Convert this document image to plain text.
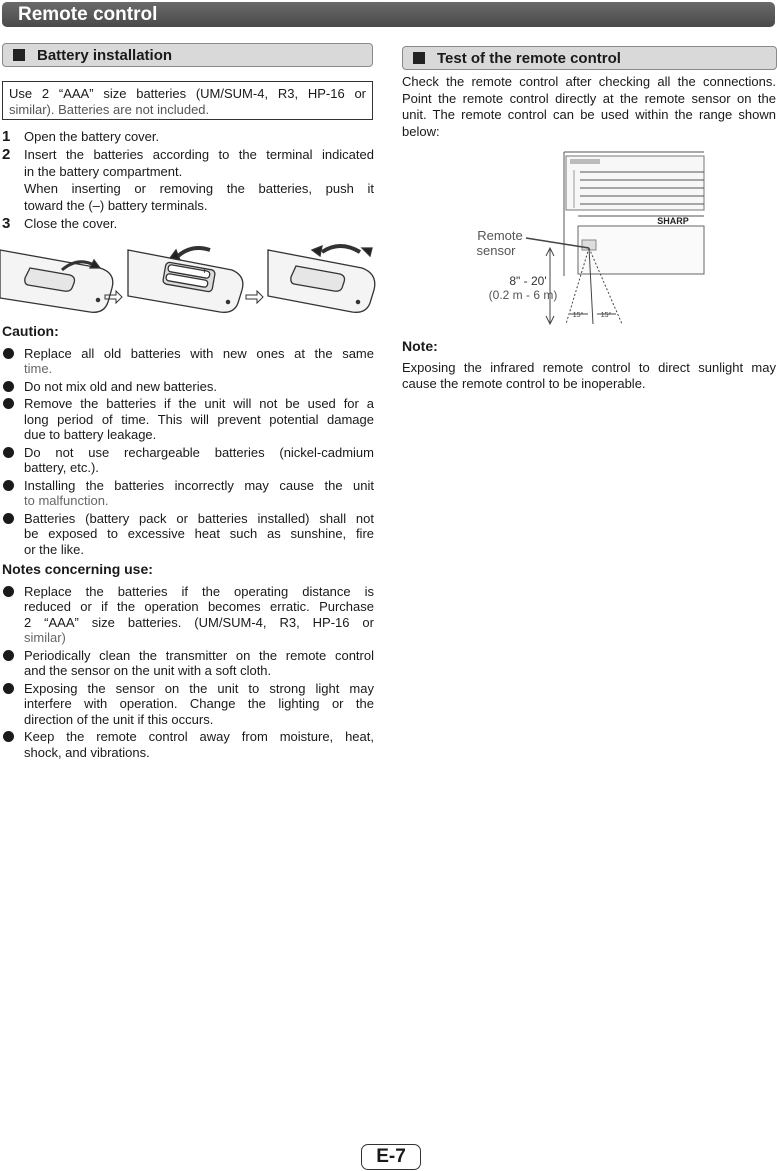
Remote control
Battery installation
Use 2 “AAA” size batteries (UM/SUM-4, R3, HP-16 or
similar). Batteries are not included.
1 Open the battery cover.

2 Insert the batteries according to the terminal indicated

in the battery compartment.

When inserting or removing the batteries, push it

toward the (–) battery terminals.

3 Close the cover.

+
Caution:
Replace all old batteries with new ones at the same
time.
Do not mix old and new batteries.
Remove the batteries if the unit will not be used for a
long period of time. This will prevent potential damage
due to battery leakage.
Do not use rechargeable batteries (nickel-cadmium
battery, etc.).
Installing the batteries incorrectly may cause the unit
to malfunction.
Batteries (battery pack or batteries installed) shall not
be exposed to excessive heat such as sunshine, fire
or the like.
Notes concerning use:
Replace the batteries if the operating distance is
reduced or if the operation becomes erratic. Purchase
2 “AAA” size batteries. (UM/SUM-4, R3, HP-16 or
similar)
Periodically clean the transmitter on the remote control
and the sensor on the unit with a soft cloth.
Exposing the sensor on the unit to strong light may
interfere with operation. Change the lighting or the
direction of the unit if this occurs.
Keep the remote control away from moisture, heat,
shock, and vibrations.
Test of the remote control
Check the remote control after checking all the connections.
Point the remote control directly at the remote sensor on the
unit. The remote control can be used within the range shown
below:
SHARP
Remote
sensor
8" - 20'
(0.2 m - 6 m)
15° 15°
Note:
Exposing the infrared remote control to direct sunlight may
cause the remote control to be inoperable.
E-7
